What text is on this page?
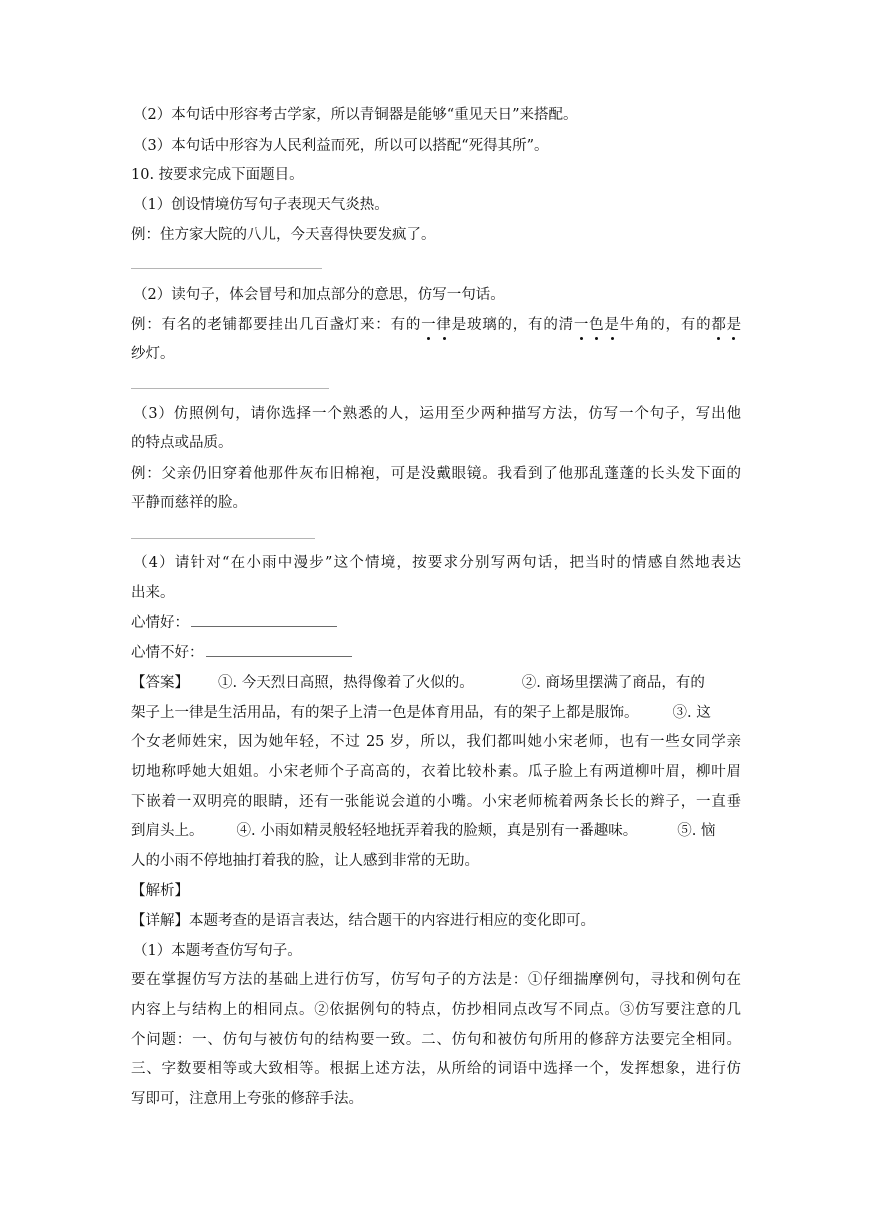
（2）本句话中形容考古学家，所以青铜器是能够“重见天日”来搭配。
（3）本句话中形容为人民利益而死，所以可以搭配“死得其所”。
10. 按要求完成下面题目。
（1）创设情境仿写句子表现天气炎热。
例：住方家大院的八儿，今天喜得快要发疯了。
（2）读句子，体会冒号和加点部分的意思，仿写一句话。
例：有名的老铺都要挂出几百盏灯来：有的一律是玻璃的，有的清一色是牛角的，有的都是
纱灯。
（3）仿照例句，请你选择一个熟悉的人，运用至少两种描写方法，仿写一个句子，写出他
的特点或品质。
例：父亲仍旧穿着他那件灰布旧棉袍，可是没戴眼镜。我看到了他那乱蓬蓬的长头发下面的
平静而慈祥的脸。
（4）请针对“在小雨中漫步”这个情境，按要求分别写两句话，把当时的情感自然地表达
出来。
心情好：
心情不好：
【答案】 ①. 今天烈日高照，热得像着了火似的。	②. 商场里摆满了商品，有的
架子上一律是生活用品，有的架子上清一色是体育用品，有的架子上都是服饰。 ③. 这
个女老师姓宋，因为她年轻，不过 25 岁，所以，我们都叫她小宋老师，也有一些女同学亲
切地称呼她大姐姐。小宋老师个子高高的，衣着比较朴素。瓜子脸上有两道柳叶眉，柳叶眉
下嵌着一双明亮的眼睛，还有一张能说会道的小嘴。小宋老师梳着两条长长的辫子，一直垂
到肩头上。 ④. 小雨如精灵般轻轻地抚弄着我的脸颊，真是别有一番趣味。	⑤. 恼
人的小雨不停地抽打着我的脸，让人感到非常的无助。
【解析】
【详解】本题考查的是语言表达，结合题干的内容进行相应的变化即可。
（1）本题考查仿写句子。
要在掌握仿写方法的基础上进行仿写，仿写句子的方法是：①仔细揣摩例句，寻找和例句在
内容上与结构上的相同点。②依据例句的特点，仿抄相同点改写不同点。③仿写要注意的几
个问题：一、仿句与被仿句的结构要一致。二、仿句和被仿句所用的修辞方法要完全相同。
三、字数要相等或大致相等。根据上述方法，从所给的词语中选择一个，发挥想象，进行仿
写即可，注意用上夸张的修辞手法。
